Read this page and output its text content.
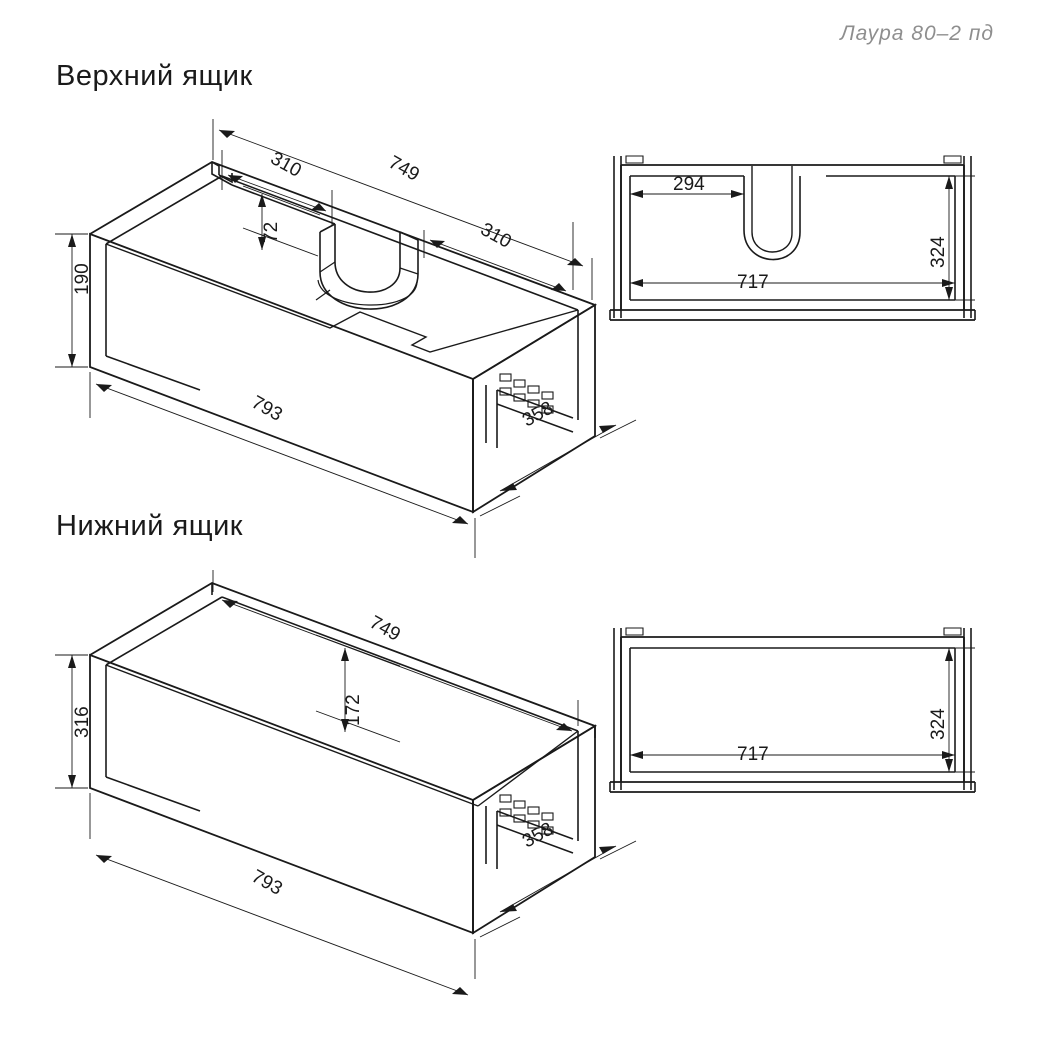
Лаура 80–2 пд
Верхний ящик
Нижний ящик
749
310
310
72
190
793	358
294
717
324
749
172
316
793
358
717
324
